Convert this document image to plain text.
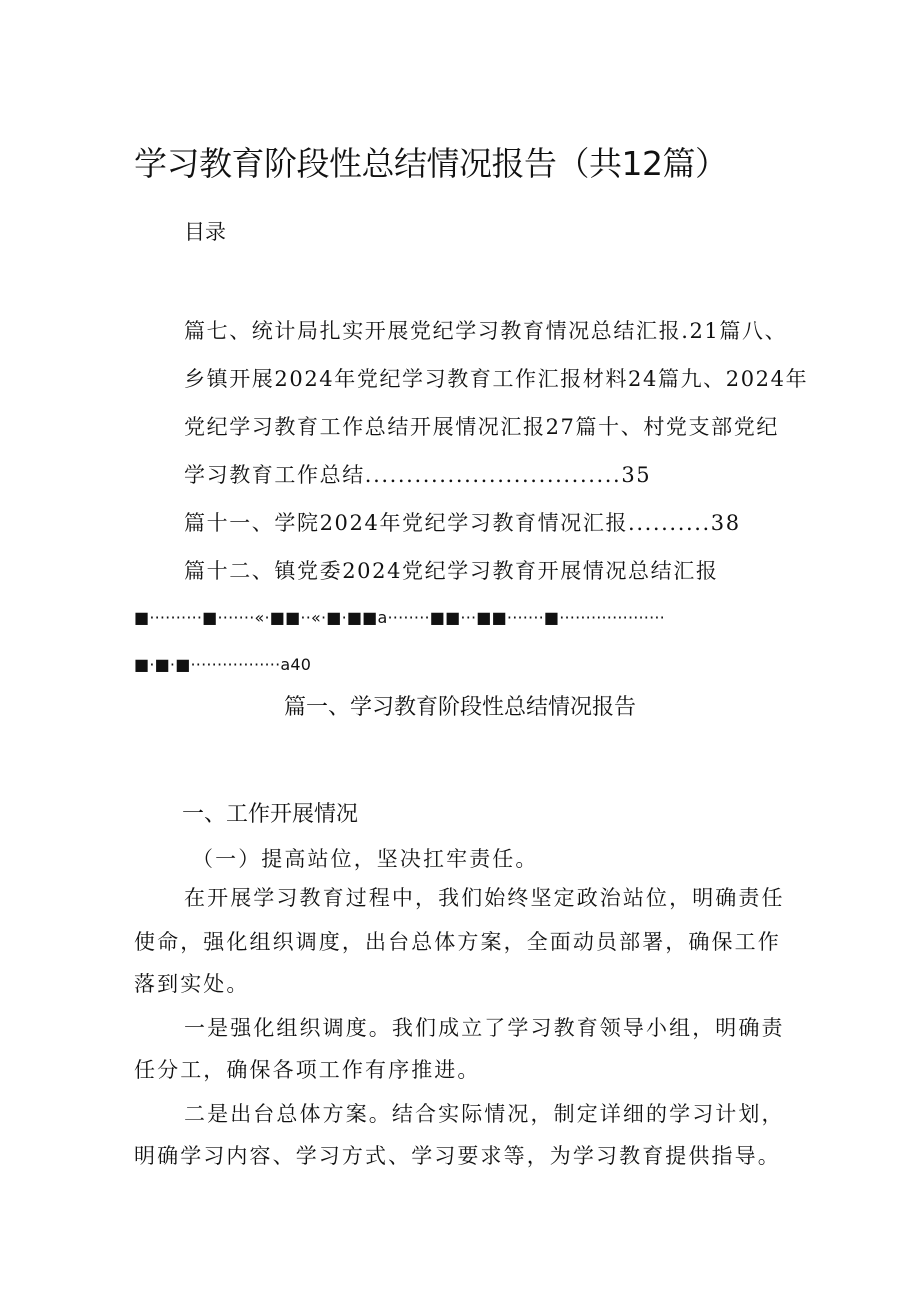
学习教育阶段性总结情况报告（共12篇）
目录
篇七、统计局扎实开展党纪学习教育情况总结汇报.21篇八、
乡镇开展2024年党纪学习教育工作汇报材料24篇九、2024年
党纪学习教育工作总结开展情况汇报27篇十、村党支部党纪
学习教育工作总结...............................35
篇十一、学院2024年党纪学习教育情况汇报..........38
篇十二、镇党委2024党纪学习教育开展情况总结汇报
■··········■·······«·■■··«·■·■■a········■■···■■·······■····················
■·■·■·················a40
篇一、学习教育阶段性总结情况报告
一、工作开展情况
（一）提高站位，坚决扛牢责任。
在开展学习教育过程中，我们始终坚定政治站位，明确责任
使命，强化组织调度，出台总体方案，全面动员部署，确保工作
落到实处。
一是强化组织调度。我们成立了学习教育领导小组，明确责
任分工，确保各项工作有序推进。
二是出台总体方案。结合实际情况，制定详细的学习计划，
明确学习内容、学习方式、学习要求等，为学习教育提供指导。
